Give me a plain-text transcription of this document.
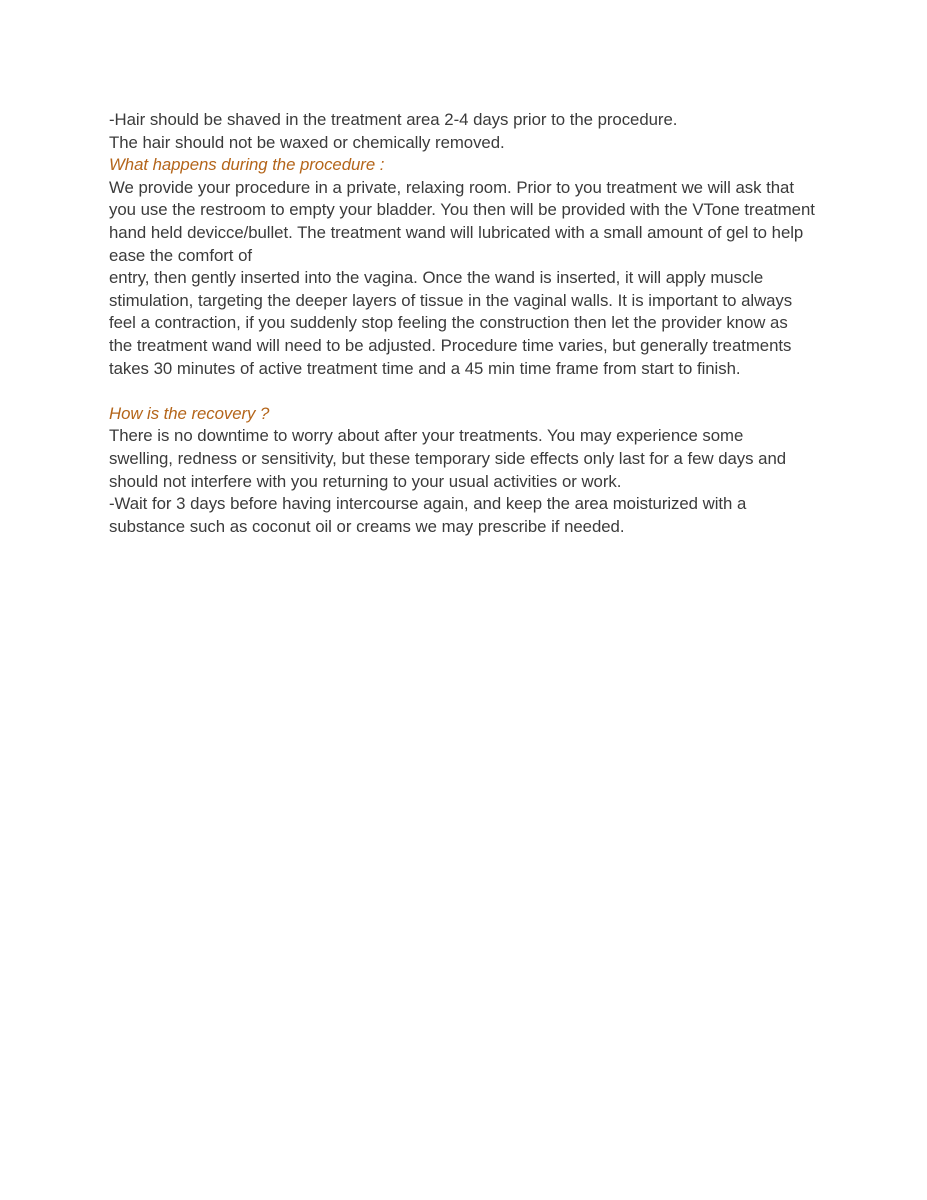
-Hair should be shaved in the treatment area 2-4 days prior to the procedure.

The hair should not be waxed or chemically removed.

What happens during the procedure :

We provide your procedure in a private, relaxing room. Prior to you treatment we will ask that you use the restroom to empty your bladder. You then will be provided with the VTone treatment hand held devicce/bullet. The treatment wand will lubricated with a small amount of gel to help ease the comfort of

entry, then gently inserted into the vagina. Once the wand is inserted, it will apply muscle stimulation, targeting the deeper layers of tissue in the vaginal walls. It is important to always feel a contraction, if you suddenly stop feeling the construction then let the provider know as the treatment wand will need to be adjusted. Procedure time varies, but generally treatments takes 30 minutes of active treatment time and a 45 min time frame from start to finish.

How is the recovery ?

There is no downtime to worry about after your treatments. You may experience some swelling, redness or sensitivity, but these temporary side effects only last for a few days and should not interfere with you returning to your usual activities or work.

-Wait for 3 days before having intercourse again, and keep the area moisturized with a substance such as coconut oil or creams we may prescribe if needed.
